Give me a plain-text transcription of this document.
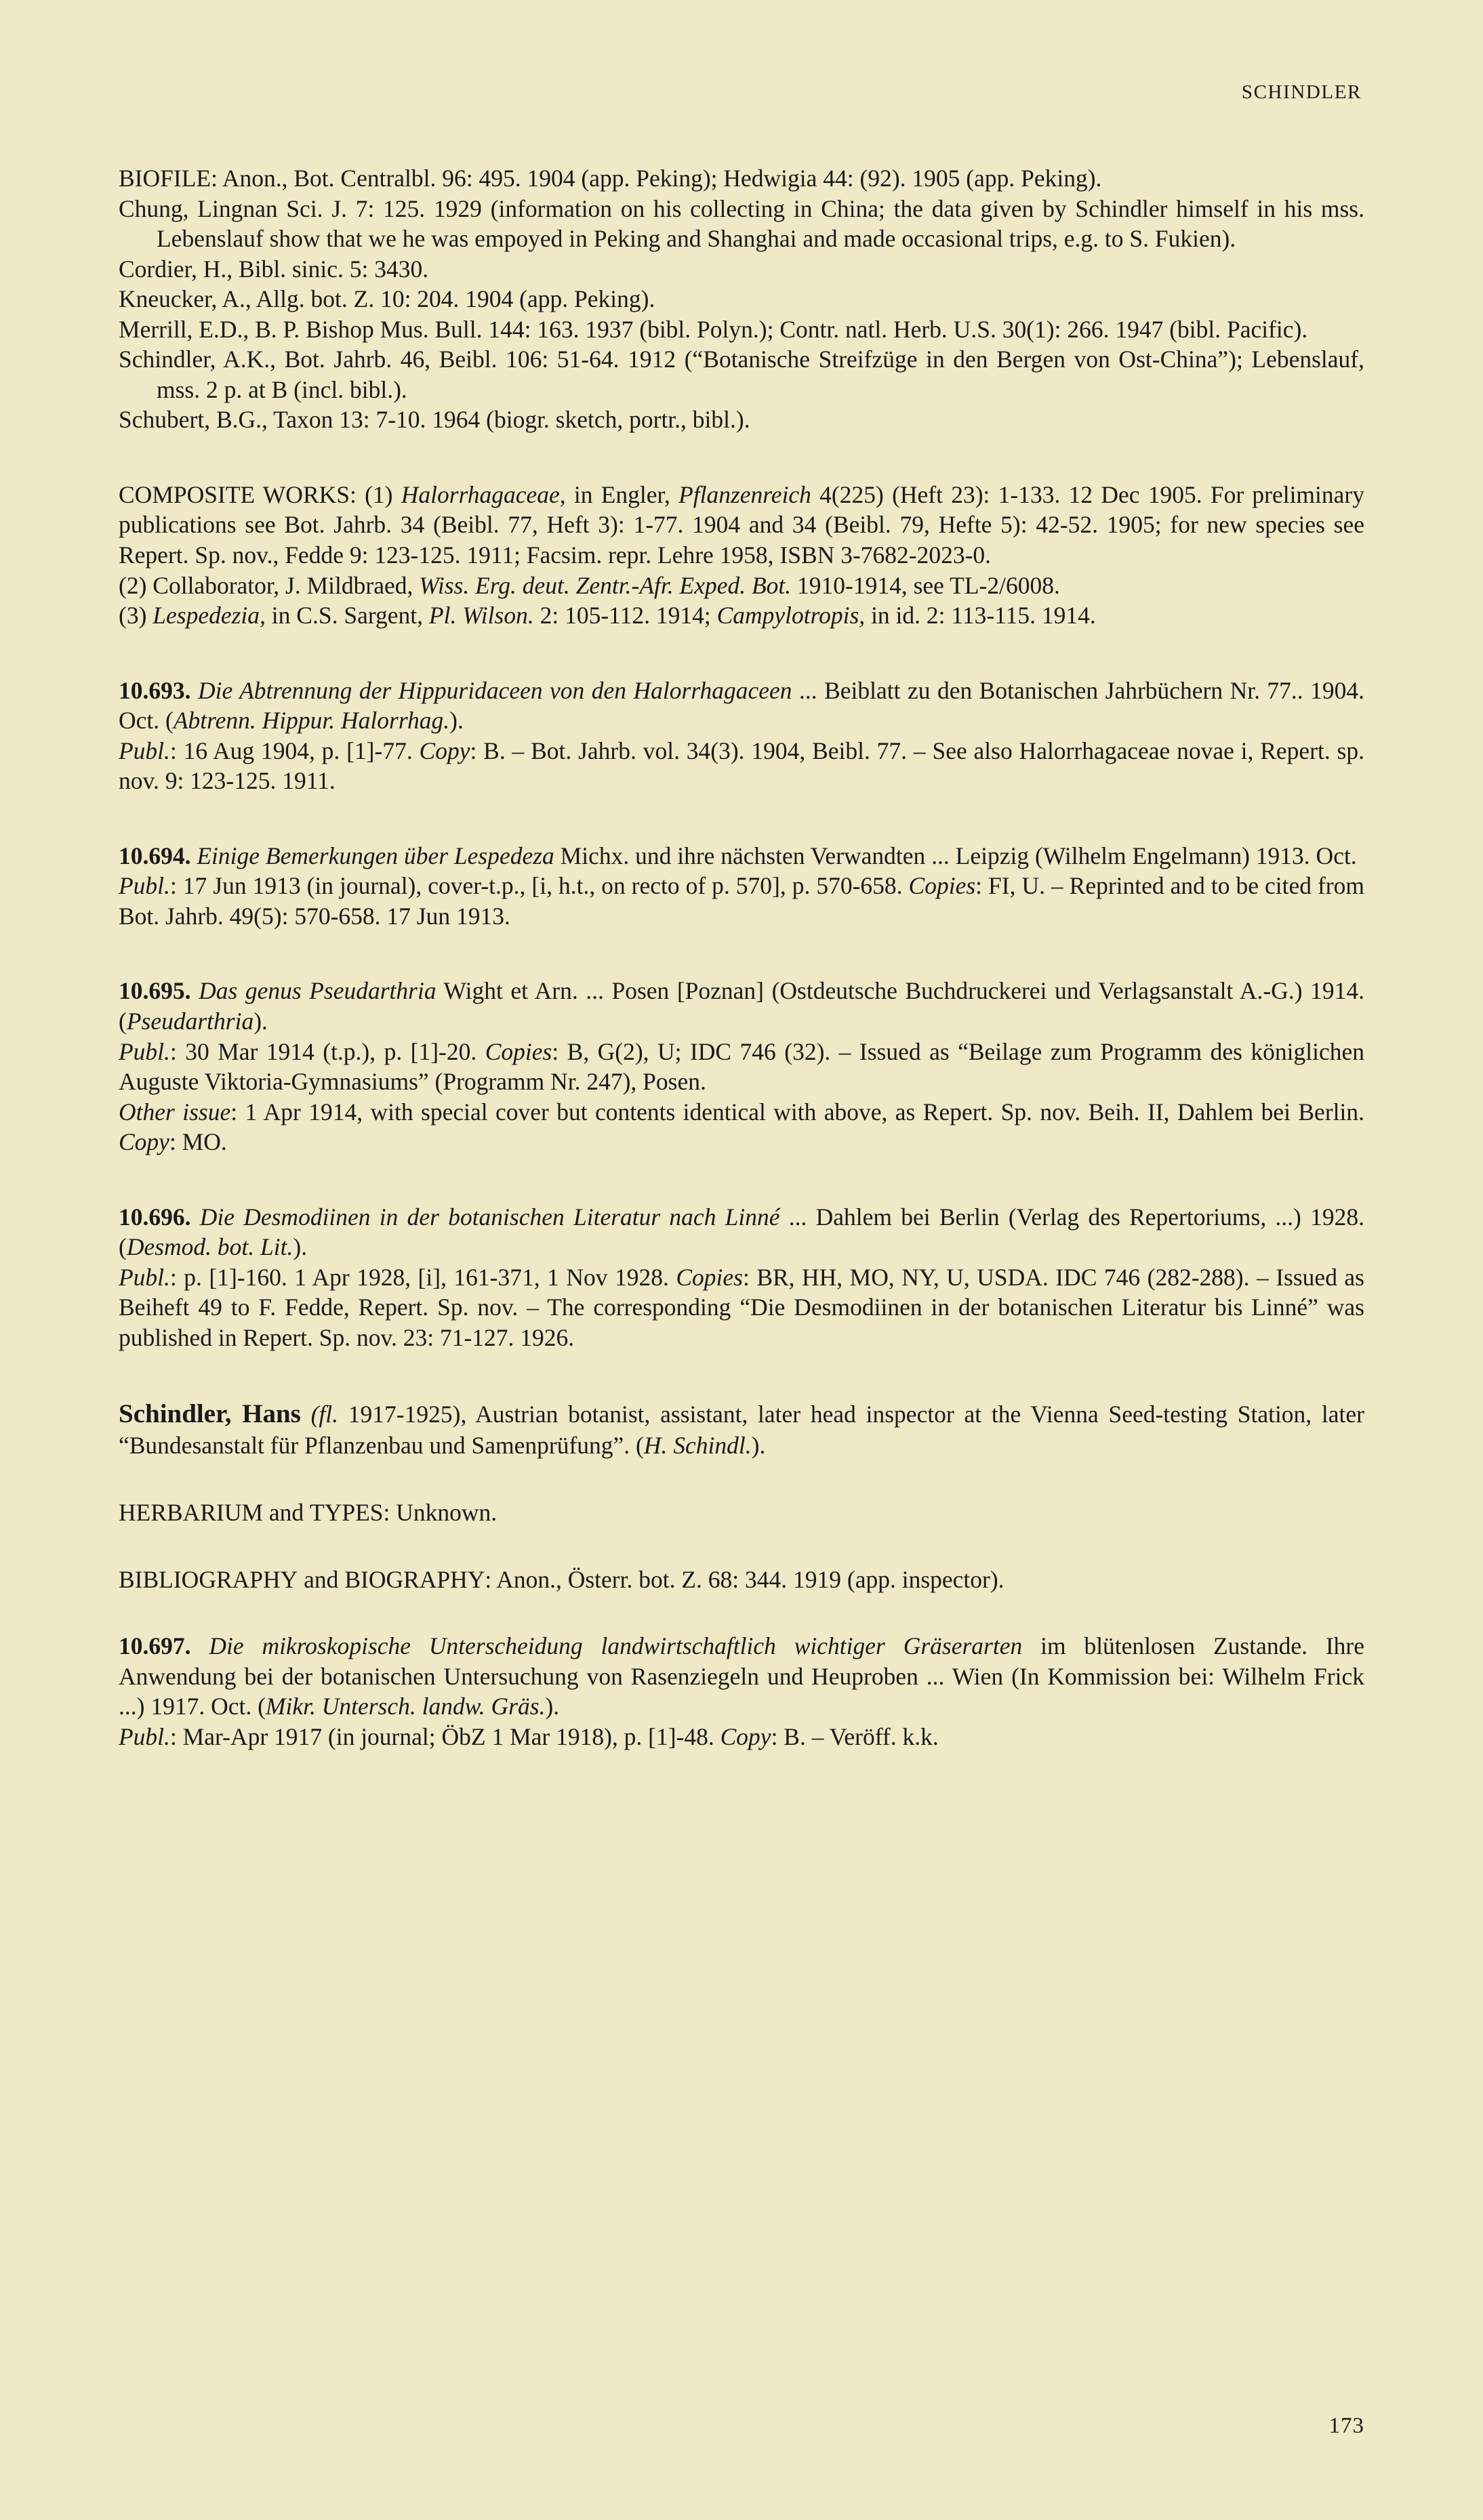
SCHINDLER
BIOFILE: Anon., Bot. Centralbl. 96: 495. 1904 (app. Peking); Hedwigia 44: (92). 1905 (app. Peking).
Chung, Lingnan Sci. J. 7: 125. 1929 (information on his collecting in China; the data given by Schindler himself in his mss. Lebenslauf show that we he was empoyed in Peking and Shanghai and made occasional trips, e.g. to S. Fukien).
Cordier, H., Bibl. sinic. 5: 3430.
Kneucker, A., Allg. bot. Z. 10: 204. 1904 (app. Peking).
Merrill, E.D., B. P. Bishop Mus. Bull. 144: 163. 1937 (bibl. Polyn.); Contr. natl. Herb. U.S. 30(1): 266. 1947 (bibl. Pacific).
Schindler, A.K., Bot. Jahrb. 46, Beibl. 106: 51-64. 1912 (“Botanische Streifzüge in den Bergen von Ost-China”); Lebenslauf, mss. 2 p. at B (incl. bibl.).
Schubert, B.G., Taxon 13: 7-10. 1964 (biogr. sketch, portr., bibl.).
COMPOSITE WORKS: (1) Halorrhagaceae, in Engler, Pflanzenreich 4(225) (Heft 23): 1-133. 12 Dec 1905. For preliminary publications see Bot. Jahrb. 34 (Beibl. 77, Heft 3): 1-77. 1904 and 34 (Beibl. 79, Hefte 5): 42-52. 1905; for new species see Repert. Sp. nov., Fedde 9: 123-125. 1911; Facsim. repr. Lehre 1958, ISBN 3-7682-2023-0.
(2) Collaborator, J. Mildbraed, Wiss. Erg. deut. Zentr.-Afr. Exped. Bot. 1910-1914, see TL-2/6008.
(3) Lespedezia, in C.S. Sargent, Pl. Wilson. 2: 105-112. 1914; Campylotropis, in id. 2: 113-115. 1914.
10.693. Die Abtrennung der Hippuridaceen von den Halorrhagaceen ... Beiblatt zu den Botanischen Jahrbüchern Nr. 77.. 1904. Oct. (Abtrenn. Hippur. Halorrhag.).
Publ.: 16 Aug 1904, p. [1]-77. Copy: B. – Bot. Jahrb. vol. 34(3). 1904, Beibl. 77. – See also Halorrhagaceae novae i, Repert. sp. nov. 9: 123-125. 1911.
10.694. Einige Bemerkungen über Lespedeza Michx. und ihre nächsten Verwandten ... Leipzig (Wilhelm Engelmann) 1913. Oct.
Publ.: 17 Jun 1913 (in journal), cover-t.p., [i, h.t., on recto of p. 570], p. 570-658. Copies: FI, U. – Reprinted and to be cited from Bot. Jahrb. 49(5): 570-658. 17 Jun 1913.
10.695. Das genus Pseudarthria Wight et Arn. ... Posen [Poznan] (Ostdeutsche Buchdruckerei und Verlagsanstalt A.-G.) 1914. (Pseudarthria).
Publ.: 30 Mar 1914 (t.p.), p. [1]-20. Copies: B, G(2), U; IDC 746 (32). – Issued as “Beilage zum Programm des königlichen Auguste Viktoria-Gymnasiums” (Programm Nr. 247), Posen.
Other issue: 1 Apr 1914, with special cover but contents identical with above, as Repert. Sp. nov. Beih. II, Dahlem bei Berlin. Copy: MO.
10.696. Die Desmodiinen in der botanischen Literatur nach Linné ... Dahlem bei Berlin (Verlag des Repertoriums, ...) 1928. (Desmod. bot. Lit.).
Publ.: p. [1]-160. 1 Apr 1928, [i], 161-371, 1 Nov 1928. Copies: BR, HH, MO, NY, U, USDA. IDC 746 (282-288). – Issued as Beiheft 49 to F. Fedde, Repert. Sp. nov. – The corresponding “Die Desmodiinen in der botanischen Literatur bis Linné” was published in Repert. Sp. nov. 23: 71-127. 1926.
Schindler, Hans (fl. 1917-1925), Austrian botanist, assistant, later head inspector at the Vienna Seed-testing Station, later “Bundesanstalt für Pflanzenbau und Samenprüfung”. (H. Schindl.).
HERBARIUM and TYPES: Unknown.
BIBLIOGRAPHY and BIOGRAPHY: Anon., Österr. bot. Z. 68: 344. 1919 (app. inspector).
10.697. Die mikroskopische Unterscheidung landwirtschaftlich wichtiger Gräserarten im blütenlosen Zustande. Ihre Anwendung bei der botanischen Untersuchung von Rasenziegeln und Heuproben ... Wien (In Kommission bei: Wilhelm Frick ...) 1917. Oct. (Mikr. Untersch. landw. Gräs.).
Publ.: Mar-Apr 1917 (in journal; ÖbZ 1 Mar 1918), p. [1]-48. Copy: B. – Veröff. k.k.
173
